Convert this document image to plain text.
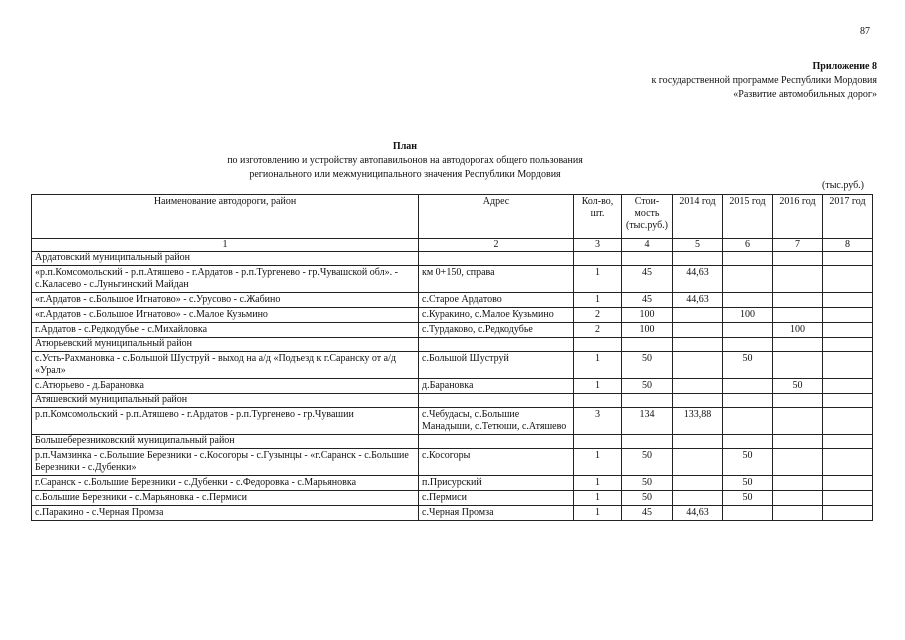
87
Приложение 8
к государственной программе Республики Мордовия
«Развитие автомобильных дорог»
План
по изготовлению и устройству автопавильонов на автодорогах общего пользования
регионального или межмуниципального значения Республики Мордовия
(тыс.руб.)
Наименование автодороги, район	Адрес	Кол-во, шт.	Стои-мость (тыс.руб.)	2014 год	2015 год	2016 год	2017 год
1	2	3	4	5	6	7	8
Ардатовский муниципальный район							
«р.п.Комсомольский - р.п.Атяшево - г.Ардатов - р.п.Тургенево - гр.Чувашской обл». - с.Каласево - с.Луньгинский Майдан	км 0+150, справа	1	45	44,63			
«г.Ардатов - с.Большое Игнатово» - с.Урусово - с.Жабино	с.Старое Ардатово	1	45	44,63			
«г.Ардатов - с.Большое Игнатово» - с.Малое Кузьмино	с.Куракино, с.Малое Кузьмино	2	100		100		
г.Ардатов - с.Редкодубье - с.Михайловка	с.Турдаково, с.Редкодубье	2	100			100	
Атюрьевский муниципальный район							
с.Усть-Рахмановка - с.Большой Шуструй - выход на а/д «Подъезд к г.Саранску от а/д «Урал»	с.Большой Шуструй	1	50		50		
с.Атюрьево - д.Барановка	д.Барановка	1	50			50	
Атяшевский муниципальный район							
р.п.Комсомольский - р.п.Атяшево - г.Ардатов - р.п.Тургенево - гр.Чувашии	с.Чебудасы, с.Большие Манадыши, с.Тетюши, с.Атяшево	3	134	133,88			
Большеберезниковский муниципальный район							
р.п.Чамзинка - с.Большие Березники - с.Косогоры - с.Гузынцы - «г.Саранск - с.Большие Березники - с.Дубенки»	с.Косогоры	1	50		50		
г.Саранск - с.Большие Березники - с.Дубенки - с.Федоровка - с.Марьяновка	п.Присурский	1	50		50		
с.Большие Березники - с.Марьяновка - с.Пермиси	с.Пермиси	1	50		50		
с.Паракино - с.Черная Промза	с.Черная Промза	1	45	44,63			
